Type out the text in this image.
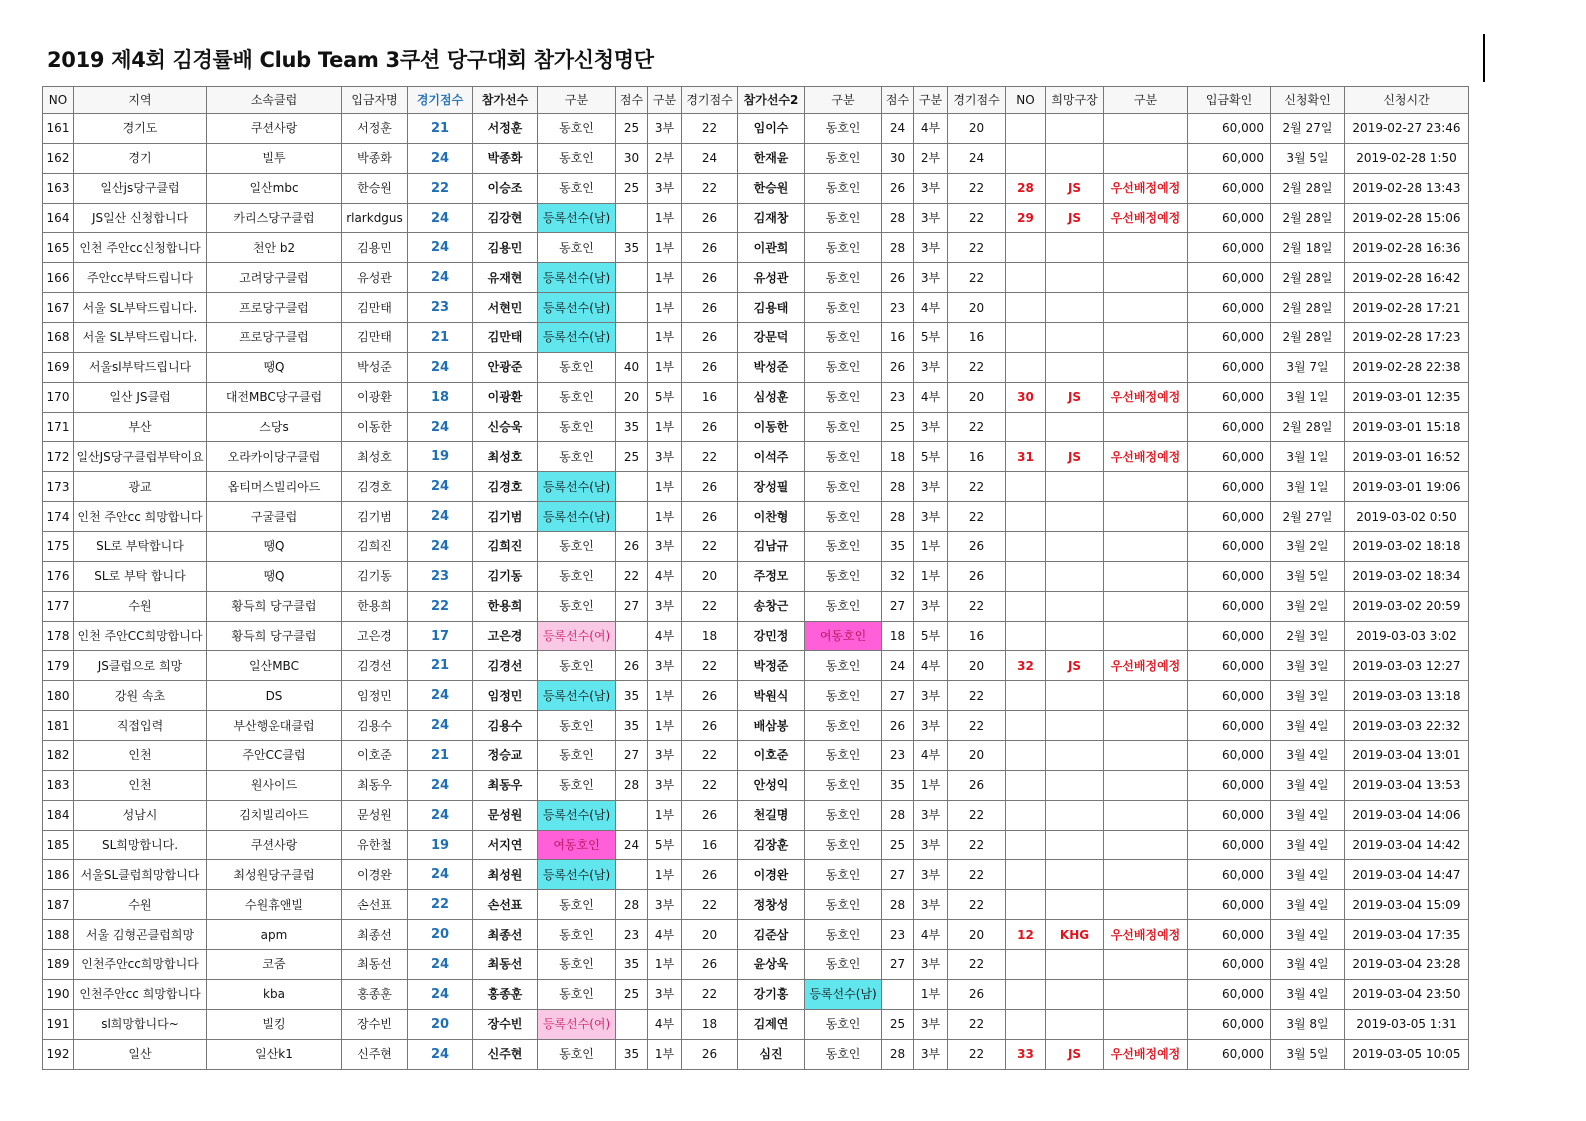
2019 제4회 김경률배 Club Team 3쿠션 당구대회 참가신청명단
NO	지역	소속클럽	입금자명	경기점수	참가선수	구분	점수	구분	경기점수	참가선수2	구분	점수	구분	경기점수	NO	희망구장	구분	입금확인	신청확인	신청시간
161	경기도	쿠션사랑	서정훈	21	서정훈	동호인	25	3부	22	임이수	동호인	24	4부	20				60,000	2월 27일	2019-02-27 23:46
162	경기	빌투	박종화	24	박종화	동호인	30	2부	24	한재윤	동호인	30	2부	24				60,000	3월 5일	2019-02-28 1:50
163	일산js당구클럽	일산mbc	한승원	22	이승조	동호인	25	3부	22	한승원	동호인	26	3부	22	28	JS	우선배정예정	60,000	2월 28일	2019-02-28 13:43
164	JS일산 신청합니다	카리스당구클럽	rlarkdgus	24	김강현	등록선수(남)		1부	26	김재창	동호인	28	3부	22	29	JS	우선배정예정	60,000	2월 28일	2019-02-28 15:06
165	인천 주안cc신청합니다	천안 b2	김용민	24	김용민	동호인	35	1부	26	이관희	동호인	28	3부	22				60,000	2월 18일	2019-02-28 16:36
166	주안cc부탁드립니다	고려당구클럽	유성관	24	유재현	등록선수(남)		1부	26	유성관	동호인	26	3부	22				60,000	2월 28일	2019-02-28 16:42
167	서울 SL부탁드립니다.	프로당구클럽	김만태	23	서현민	등록선수(남)		1부	26	김용태	동호인	23	4부	20				60,000	2월 28일	2019-02-28 17:21
168	서울 SL부탁드립니다.	프로당구클럽	김만태	21	김만태	등록선수(남)		1부	26	강문덕	동호인	16	5부	16				60,000	2월 28일	2019-02-28 17:23
169	서울sl부탁드립니다	땡Q	박성준	24	안광준	동호인	40	1부	26	박성준	동호인	26	3부	22				60,000	3월 7일	2019-02-28 22:38
170	일산 JS클럽	대전MBC당구클럽	이광환	18	이광환	동호인	20	5부	16	심성훈	동호인	23	4부	20	30	JS	우선배정예정	60,000	3월 1일	2019-03-01 12:35
171	부산	스당s	이동한	24	신승욱	동호인	35	1부	26	이동한	동호인	25	3부	22				60,000	2월 28일	2019-03-01 15:18
172	일산JS당구클럽부탁이요	오라카이당구클럽	최성호	19	최성호	동호인	25	3부	22	이석주	동호인	18	5부	16	31	JS	우선배정예정	60,000	3월 1일	2019-03-01 16:52
173	광교	옵티머스빌리아드	김경호	24	김경호	등록선수(남)		1부	26	장성필	동호인	28	3부	22				60,000	3월 1일	2019-03-01 19:06
174	인천 주안cc 희망합니다	구굴클럽	김기범	24	김기범	등록선수(남)		1부	26	이찬형	동호인	28	3부	22				60,000	2월 27일	2019-03-02 0:50
175	SL로 부탁합니다	땡Q	김희진	24	김희진	동호인	26	3부	22	김남규	동호인	35	1부	26				60,000	3월 2일	2019-03-02 18:18
176	SL로 부탁 합니다	땡Q	김기동	23	김기동	동호인	22	4부	20	주정모	동호인	32	1부	26				60,000	3월 5일	2019-03-02 18:34
177	수원	황득희 당구클럽	한용희	22	한용희	동호인	27	3부	22	송창근	동호인	27	3부	22				60,000	3월 2일	2019-03-02 20:59
178	인천 주안CC희망합니다	황득희 당구클럽	고은경	17	고은경	등록선수(여)		4부	18	강민정	여동호인	18	5부	16				60,000	2월 3일	2019-03-03 3:02
179	JS클럽으로 희망	일산MBC	김경선	21	김경선	동호인	26	3부	22	박정준	동호인	24	4부	20	32	JS	우선배정예정	60,000	3월 3일	2019-03-03 12:27
180	강원 속초	DS	임정민	24	임정민	등록선수(남)	35	1부	26	박원식	동호인	27	3부	22				60,000	3월 3일	2019-03-03 13:18
181	직접입력	부산행운대클럽	김용수	24	김용수	동호인	35	1부	26	배삼봉	동호인	26	3부	22				60,000	3월 4일	2019-03-03 22:32
182	인천	주안CC클럽	이호준	21	정승교	동호인	27	3부	22	이호준	동호인	23	4부	20				60,000	3월 4일	2019-03-04 13:01
183	인천	원사이드	최동우	24	최동우	동호인	28	3부	22	안성익	동호인	35	1부	26				60,000	3월 4일	2019-03-04 13:53
184	성남시	김치빌리아드	문성원	24	문성원	등록선수(남)		1부	26	천길명	동호인	28	3부	22				60,000	3월 4일	2019-03-04 14:06
185	SL희망합니다.	쿠션사랑	유한철	19	서지연	여동호인	24	5부	16	김장훈	동호인	25	3부	22				60,000	3월 4일	2019-03-04 14:42
186	서울SL클럽희망합니다	최성원당구클럽	이경완	24	최성원	등록선수(남)		1부	26	이경완	동호인	27	3부	22				60,000	3월 4일	2019-03-04 14:47
187	수원	수원휴앤빌	손선표	22	손선표	동호인	28	3부	22	정창성	동호인	28	3부	22				60,000	3월 4일	2019-03-04 15:09
188	서울 김형곤클럽희망	apm	최종선	20	최종선	동호인	23	4부	20	김준삼	동호인	23	4부	20	12	KHG	우선배정예정	60,000	3월 4일	2019-03-04 17:35
189	인천주안cc희망합니다	코줌	최동선	24	최동선	동호인	35	1부	26	윤상욱	동호인	27	3부	22				60,000	3월 4일	2019-03-04 23:28
190	인천주안cc 희망합니다	kba	홍종훈	24	홍종훈	동호인	25	3부	22	강기홍	등록선수(남)		1부	26				60,000	3월 4일	2019-03-04 23:50
191	sl희망합니다~	빌킹	장수빈	20	장수빈	등록선수(여)		4부	18	김제연	동호인	25	3부	22				60,000	3월 8일	2019-03-05 1:31
192	일산	일산k1	신주현	24	신주현	동호인	35	1부	26	심진	동호인	28	3부	22	33	JS	우선배정예정	60,000	3월 5일	2019-03-05 10:05
